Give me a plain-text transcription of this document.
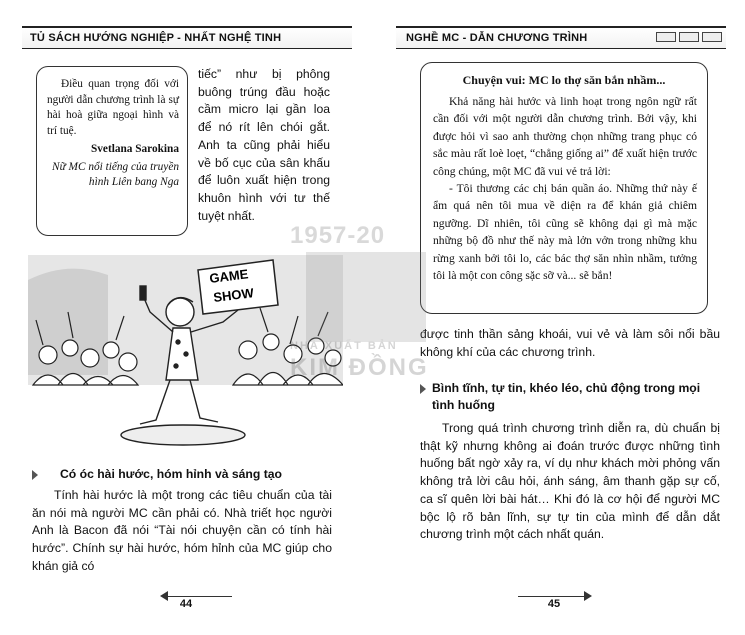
TỦ SÁCH HƯỚNG NGHIỆP - NHẤT NGHỆ TINH

Điều quan trọng đối với người dẫn chương trình là sự hài hoà giữa ngoại hình và trí tuệ.

Svetlana Sarokina

Nữ MC nổi tiếng của truyền hình Liên bang Nga

tiếc” như bị phông buông trúng đầu hoặc cầm micro lại gần loa để nó rít lên chói gắt. Anh ta cũng phải hiểu về bố cục của sân khấu để luôn xuất hiện trong khuôn hình với tư thế tuyệt nhất.
GAME
SHOW
Có óc hài hước, hóm hỉnh và sáng tạo
Tính hài hước là một trong các tiêu chuẩn của tài ăn nói mà người MC cần phải có. Nhà triết học người Anh là Bacon đã nói “Tài nói chuyện cần có tính hài hước”. Chính sự hài hước, hóm hỉnh của MC giúp cho khán giả có
44
NGHỀ MC - DẪN CHƯƠNG TRÌNH
Chuyện vui: MC lo thợ săn bắn nhầm...

Khả năng hài hước và linh hoạt trong ngôn ngữ rất cần đối với một người dẫn chương trình. Bởi vậy, khi được hỏi vì sao anh thường chọn những trang phục có sắc màu rất loè loẹt, “chẳng giống ai” để xuất hiện trước công chúng, một MC đã vui vẻ trả lời:

- Tôi thương các chị bán quần áo. Những thứ này ế ẩm quá nên tôi mua về diện ra để khán giả chiêm ngưỡng. Dĩ nhiên, tôi cũng sẽ không dại gì mà mặc những bộ đồ như thế này mà lởn vởn trong những khu rừng xanh bởi tôi lo, các bác thợ săn nhìn nhầm, tưởng tôi là một con công sặc sỡ và... sẽ bắn!

được tinh thần sảng khoái, vui vẻ và làm sôi nổi bầu không khí của các chương trình.
Bình tĩnh, tự tin, khéo léo, chủ động trong mọi tình huống
Trong quá trình chương trình diễn ra, dù chuẩn bị thật kỹ nhưng không ai đoán trước được những tình huống bất ngờ xảy ra, ví dụ như khách mời phỏng vấn không trả lời câu hỏi, ánh sáng, âm thanh gặp sự cố, ca sĩ quên lời bài hát… Khi đó là cơ hội để người MC bộc lộ rõ bản lĩnh, sự tự tin của mình để dẫn dắt chương trình một cách nhất quán.
45
1957-20
NHÀ XUẤT BẢN
KIM ĐỒNG
